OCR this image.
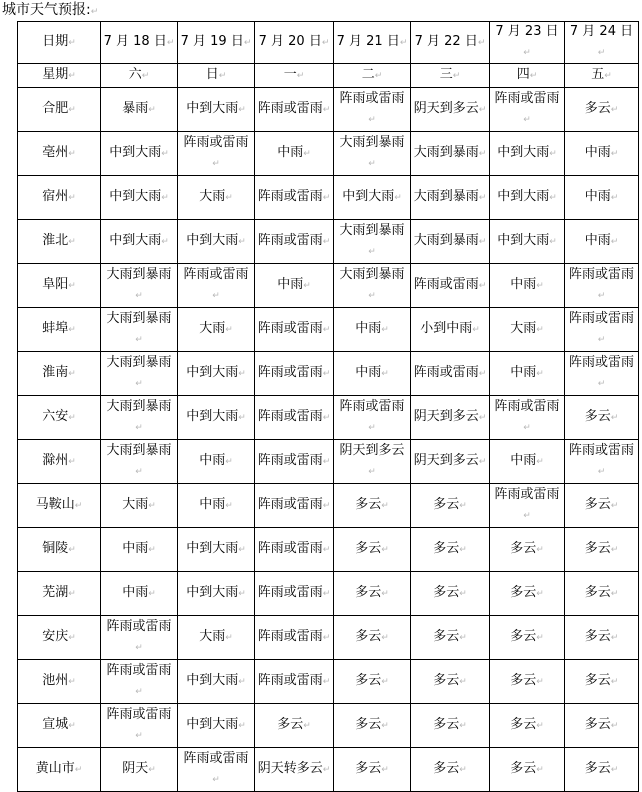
城市天气预报:↵
日期↵	7 月 18 日↵	7 月 19 日↵	7 月 20 日↵	7 月 21 日↵	7 月 22 日↵	7 月 23 日↵	7 月 24 日↵
星期↵	六↵	日↵	一↵	二↵	三↵	四↵	五↵
合肥↵	暴雨↵	中到大雨↵	阵雨或雷雨↵	阵雨或雷雨↵	阴天到多云↵	阵雨或雷雨↵	多云↵
亳州↵	中到大雨↵	阵雨或雷雨↵	中雨↵	大雨到暴雨↵	大雨到暴雨↵	中到大雨↵	中雨↵
宿州↵	中到大雨↵	大雨↵	阵雨或雷雨↵	中到大雨↵	大雨到暴雨↵	中到大雨↵	中雨↵
淮北↵	中到大雨↵	中到大雨↵	阵雨或雷雨↵	大雨到暴雨↵	大雨到暴雨↵	中到大雨↵	中雨↵
阜阳↵	大雨到暴雨↵	阵雨或雷雨↵	中雨↵	大雨到暴雨↵	阵雨或雷雨↵	中雨↵	阵雨或雷雨↵
蚌埠↵	大雨到暴雨↵	大雨↵	阵雨或雷雨↵	中雨↵	小到中雨↵	大雨↵	阵雨或雷雨↵
淮南↵	大雨到暴雨↵	中到大雨↵	阵雨或雷雨↵	中雨↵	阵雨或雷雨↵	中雨↵	阵雨或雷雨↵
六安↵	大雨到暴雨↵	中到大雨↵	阵雨或雷雨↵	阵雨或雷雨↵	阴天到多云↵	阵雨或雷雨↵	多云↵
滁州↵	大雨到暴雨↵	中雨↵	阵雨或雷雨↵	阴天到多云↵	阴天到多云↵	中雨↵	阵雨或雷雨↵
马鞍山↵	大雨↵	中雨↵	阵雨或雷雨↵	多云↵	多云↵	阵雨或雷雨↵	多云↵
铜陵↵	中雨↵	中到大雨↵	阵雨或雷雨↵	多云↵	多云↵	多云↵	多云↵
芜湖↵	中雨↵	中到大雨↵	阵雨或雷雨↵	多云↵	多云↵	多云↵	多云↵
安庆↵	阵雨或雷雨↵	大雨↵	阵雨或雷雨↵	多云↵	多云↵	多云↵	多云↵
池州↵	阵雨或雷雨↵	中到大雨↵	阵雨或雷雨↵	多云↵	多云↵	多云↵	多云↵
宣城↵	阵雨或雷雨↵	中到大雨↵	多云↵	多云↵	多云↵	多云↵	多云↵
黄山市↵	阴天↵	阵雨或雷雨↵	阴天转多云↵	多云↵	多云↵	多云↵	多云↵
